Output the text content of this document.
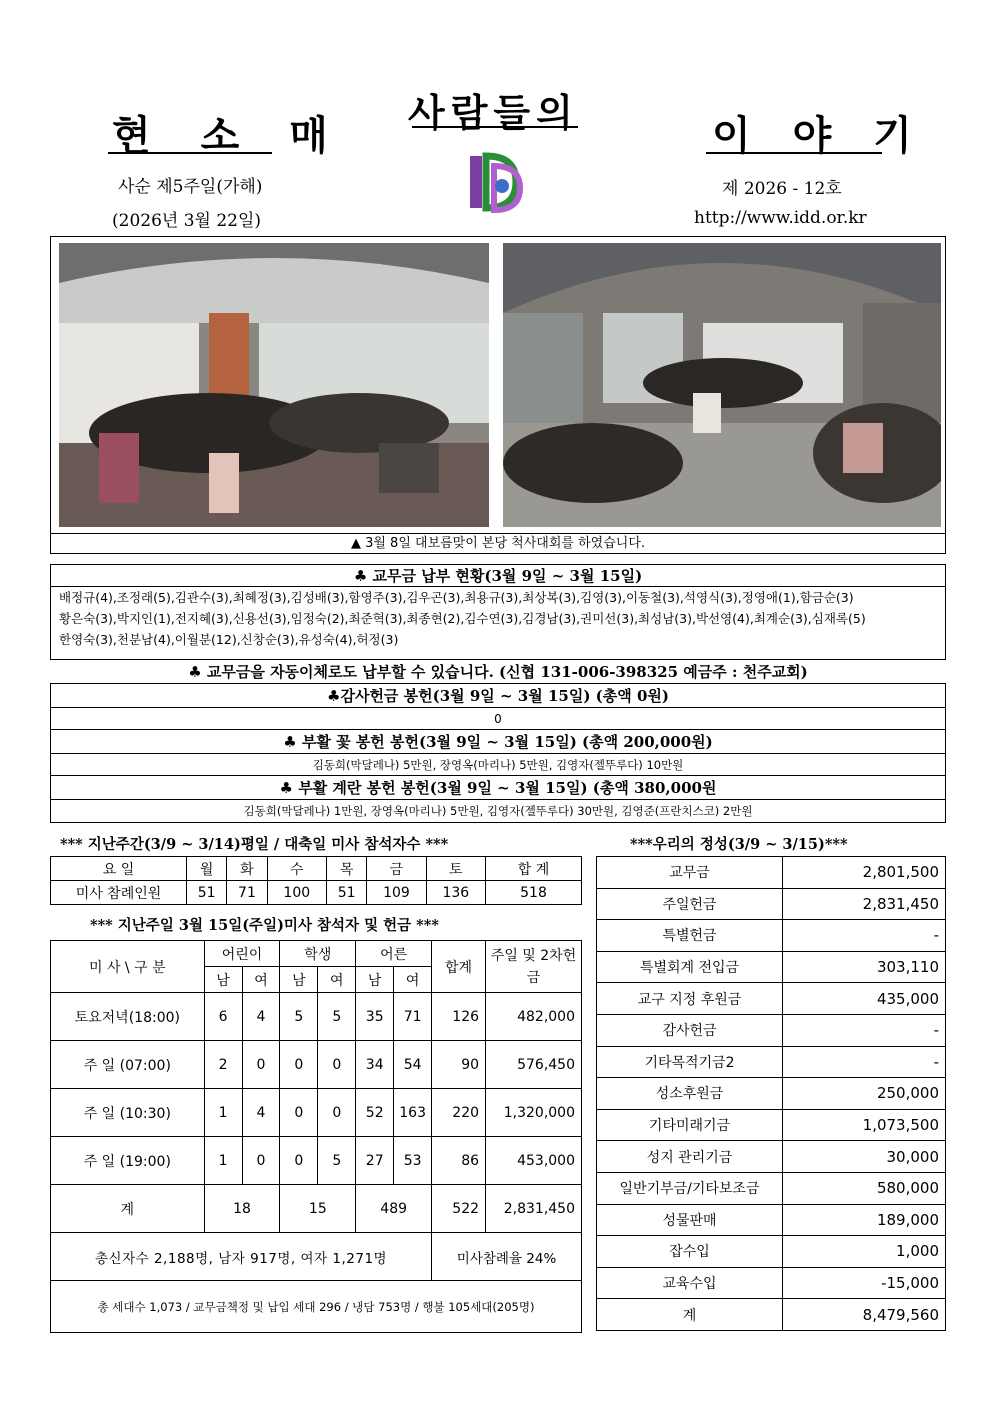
현 소 매 사람들의	이 야 기
사순 제5주일(가해)
(2026년 3월 22일)
제 2026 - 12호
http://www.idd.or.kr
▲ 3월 8일 대보름맞이 본당 척사대회를 하였습니다.
♣ 교무금 납부 현황(3월 9일 ~ 3월 15일)
배정규(4),조정래(5),김관수(3),최혜정(3),김성배(3),함영주(3),김우곤(3),최용규(3),최상복(3),김영(3),이동철(3),석영식(3),정영애(1),함금순(3)
황은숙(3),박지인(1),전지혜(3),신용선(3),임정숙(2),최준혁(3),최종현(2),김수연(3),김경남(3),권미선(3),최성남(3),박선영(4),최계순(3),심재록(5)
한영숙(3),천분남(4),이월분(12),신창순(3),유성숙(4),허정(3)
♣ 교무금을 자동이체로도 납부할 수 있습니다. (신협 131-006-398325 예금주 : 천주교회)
♣감사헌금 봉헌(3월 9일 ~ 3월 15일) (총액 0원)
0
♣ 부활 꽃 봉헌 봉헌(3월 9일 ~ 3월 15일) (총액 200,000원)
김동희(막달레나) 5만원, 장영옥(마리나) 5만원, 김영자(젤뚜루다) 10만원
♣ 부활 계란 봉헌 봉헌(3월 9일 ~ 3월 15일) (총액 380,000원
김동희(막달레나) 1만원, 장영옥(마리나) 5만원, 김영자(젤뚜루다) 30만원, 김영준(프란치스코) 2만원
*** 지난주간(3/9 ~ 3/14)평일 / 대축일 미사 참석자수 ***
요 일	월	화	수	목	금	토	합 계
미사 참례인원	51	71	100	51	109	136	518
*** 지난주일 3월 15일(주일)미사 참석자 및 헌금 ***
미 사 \ 구 분	어린이		학생		어른		합계	주일 및 2차헌금
	남	여	남	여	남	여		
토요저녁(18:00)	6	4	5	5	35	71	126	482,000
주 일 (07:00)	2	0	0	0	34	54	90	576,450
주 일 (10:30)	1	4	0	0	52	163	220	1,320,000
주 일 (19:00)	1	0	0	5	27	53	86	453,000
계	18		15		489		522	2,831,450
총신자수 2,188명, 남자 917명, 여자 1,271명							미사참례율 24%	
총 세대수 1,073 / 교무금책정 및 납입 세대 296 / 냉담 753명 / 행불 105세대(205명)								
***우리의 정성(3/9 ~ 3/15)***
교무금	2,801,500
주일헌금	2,831,450
특별헌금	-
특별회계 전입금	303,110
교구 지정 후원금	435,000
감사헌금	-
기타목적기금2	-
성소후원금	250,000
기타미래기금	1,073,500
성지 관리기금	30,000
일반기부금/기타보조금	580,000
성물판매	189,000
잡수입	1,000
교육수입	-15,000
계	8,479,560
